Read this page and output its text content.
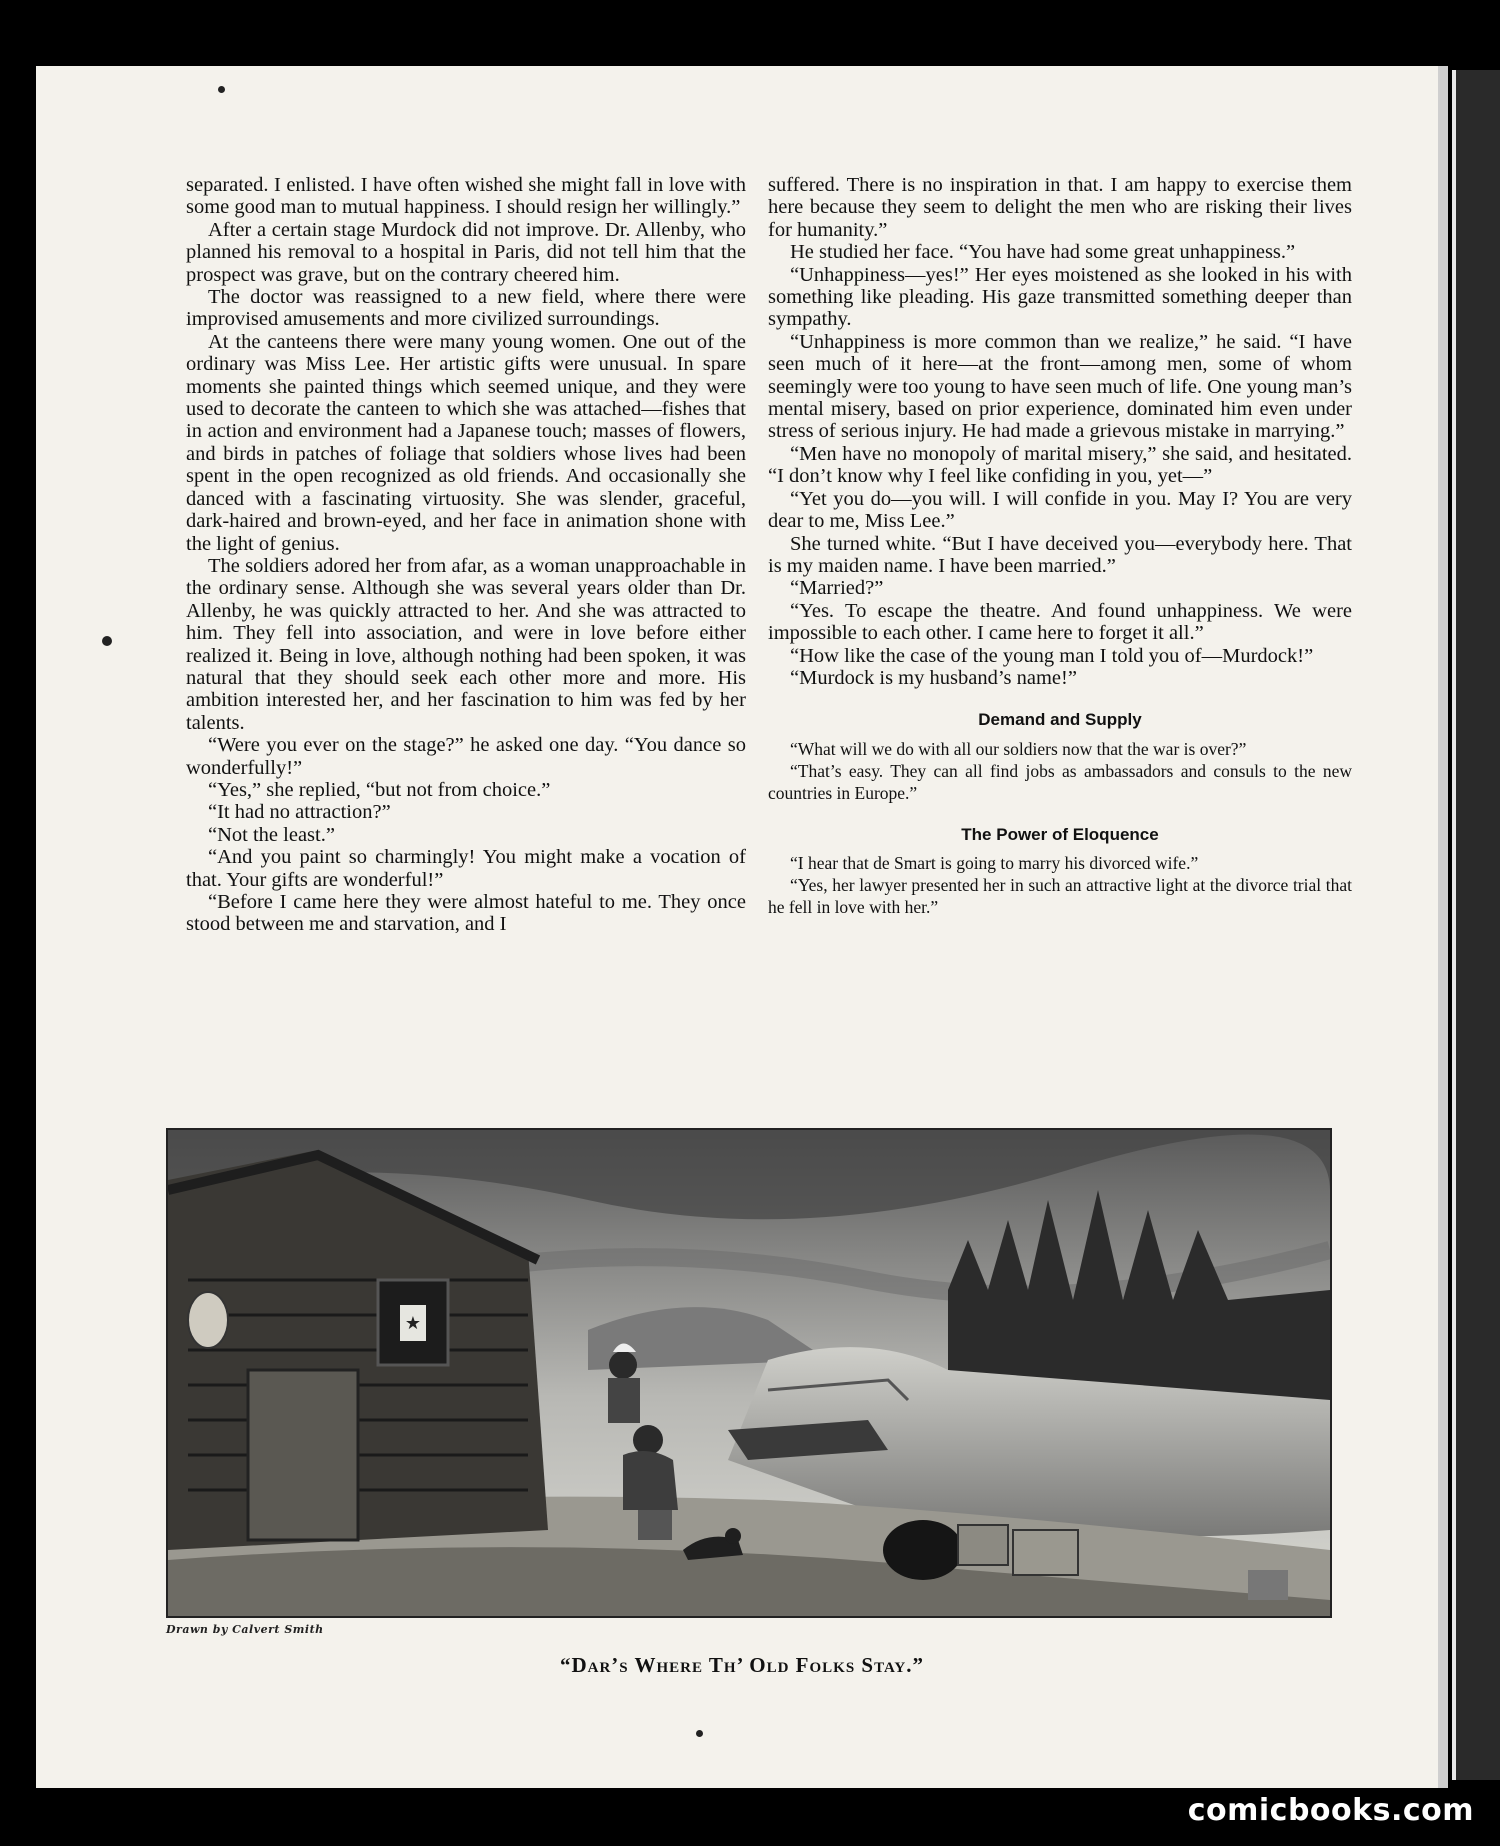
separated. I enlisted. I have often wished she might fall in love with some good man to mutual happiness. I should resign her willingly.”

After a certain stage Murdock did not improve. Dr. Allenby, who planned his removal to a hospital in Paris, did not tell him that the prospect was grave, but on the contrary cheered him.

The doctor was reassigned to a new field, where there were improvised amusements and more civilized surroundings.

At the canteens there were many young women. One out of the ordinary was Miss Lee. Her artistic gifts were unusual. In spare moments she painted things which seemed unique, and they were used to decorate the canteen to which she was attached—fishes that in action and environment had a Japanese touch; masses of flowers, and birds in patches of foliage that soldiers whose lives had been spent in the open recognized as old friends. And occasionally she danced with a fascinating virtuosity. She was slender, graceful, dark-haired and brown-eyed, and her face in animation shone with the light of genius.

The soldiers adored her from afar, as a woman unapproachable in the ordinary sense. Although she was several years older than Dr. Allenby, he was quickly attracted to her. And she was attracted to him. They fell into association, and were in love before either realized it. Being in love, although nothing had been spoken, it was natural that they should seek each other more and more. His ambition interested her, and her fascination to him was fed by her talents.

“Were you ever on the stage?” he asked one day. “You dance so wonderfully!”

“Yes,” she replied, “but not from choice.”

“It had no attraction?”

“Not the least.”

“And you paint so charmingly! You might make a vocation of that. Your gifts are wonderful!”

“Before I came here they were almost hateful to me. They once stood between me and starvation, and I

suffered. There is no inspiration in that. I am happy to exercise them here because they seem to delight the men who are risking their lives for humanity.”

He studied her face. “You have had some great unhappiness.”

“Unhappiness—yes!” Her eyes moistened as she looked in his with something like pleading. His gaze transmitted something deeper than sympathy.

“Unhappiness is more common than we realize,” he said. “I have seen much of it here—at the front—among men, some of whom seemingly were too young to have seen much of life. One young man’s mental misery, based on prior experience, dominated him even under stress of serious injury. He had made a grievous mistake in marrying.”

“Men have no monopoly of marital misery,” she said, and hesitated. “I don’t know why I feel like confiding in you, yet—”

“Yet you do—you will. I will confide in you. May I? You are very dear to me, Miss Lee.”

She turned white. “But I have deceived you—everybody here. That is my maiden name. I have been married.”

“Married?”

“Yes. To escape the theatre. And found unhappiness. We were impossible to each other. I came here to forget it all.”

“How like the case of the young man I told you of—Murdock!”

“Murdock is my husband’s name!”

Demand and Supply

“What will we do with all our soldiers now that the war is over?”

“That’s easy. They can all find jobs as ambassadors and consuls to the new countries in Europe.”

The Power of Eloquence

“I hear that de Smart is going to marry his divorced wife.”

“Yes, her lawyer presented her in such an attractive light at the divorce trial that he fell in love with her.”

★
Drawn by Calvert Smith
“Dar’s Where Th’ Old Folks Stay.”
comicbooks.com
